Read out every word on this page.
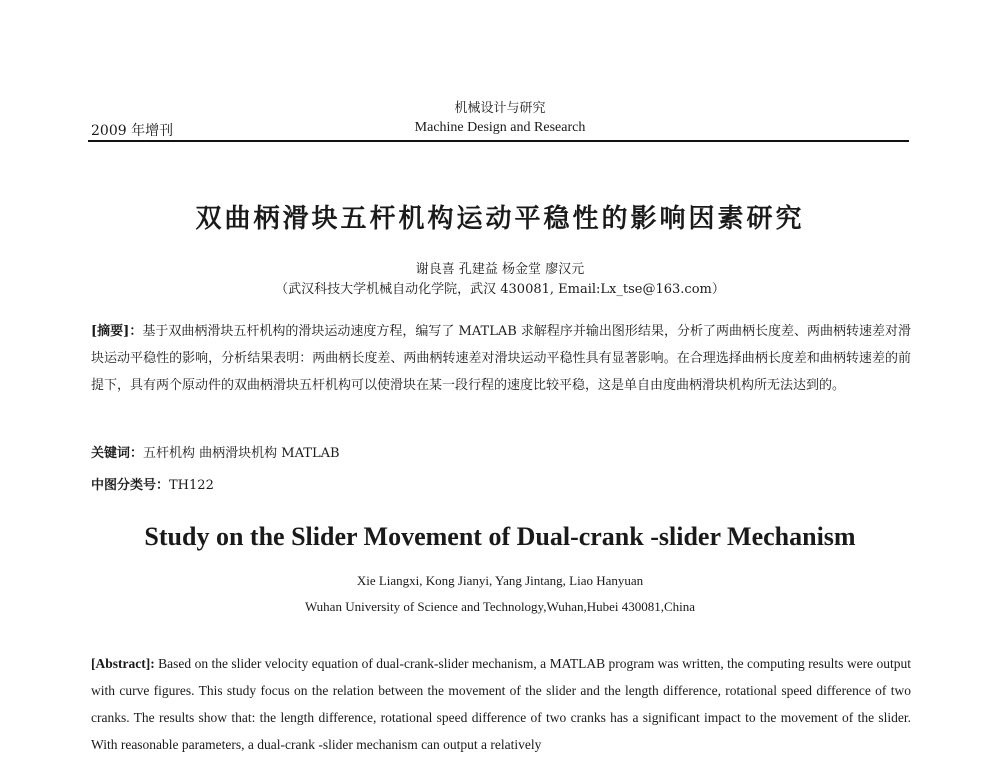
机械设计与研究
2009 年增刊	Machine Design and Research
双曲柄滑块五杆机构运动平稳性的影响因素研究
谢良喜 孔建益 杨金堂 廖汉元
（武汉科技大学机械自动化学院，武汉 430081, Email:Lx_tse@163.com）
[摘要]：基于双曲柄滑块五杆机构的滑块运动速度方程，编写了 MATLAB 求解程序并输出图形结果，分析了两曲柄长度差、两曲柄转速差对滑块运动平稳性的影响，分析结果表明：两曲柄长度差、两曲柄转速差对滑块运动平稳性具有显著影响。在合理选择曲柄长度差和曲柄转速差的前提下，具有两个原动件的双曲柄滑块五杆机构可以使滑块在某一段行程的速度比较平稳，这是单自由度曲柄滑块机构所无法达到的。
关键词：五杆机构 曲柄滑块机构 MATLAB
中图分类号：TH122
Study on the Slider Movement of Dual-crank -slider Mechanism
Xie Liangxi, Kong Jianyi, Yang Jintang, Liao Hanyuan
Wuhan University of Science and Technology,Wuhan,Hubei 430081,China
[Abstract]: Based on the slider velocity equation of dual-crank-slider mechanism, a MATLAB program was written, the computing results were output with curve figures. This study focus on the relation between the movement of the slider and the length difference, rotational speed difference of two cranks. The results show that: the length difference, rotational speed difference of two cranks has a significant impact to the movement of the slider. With reasonable parameters, a dual-crank -slider mechanism can output a relatively
